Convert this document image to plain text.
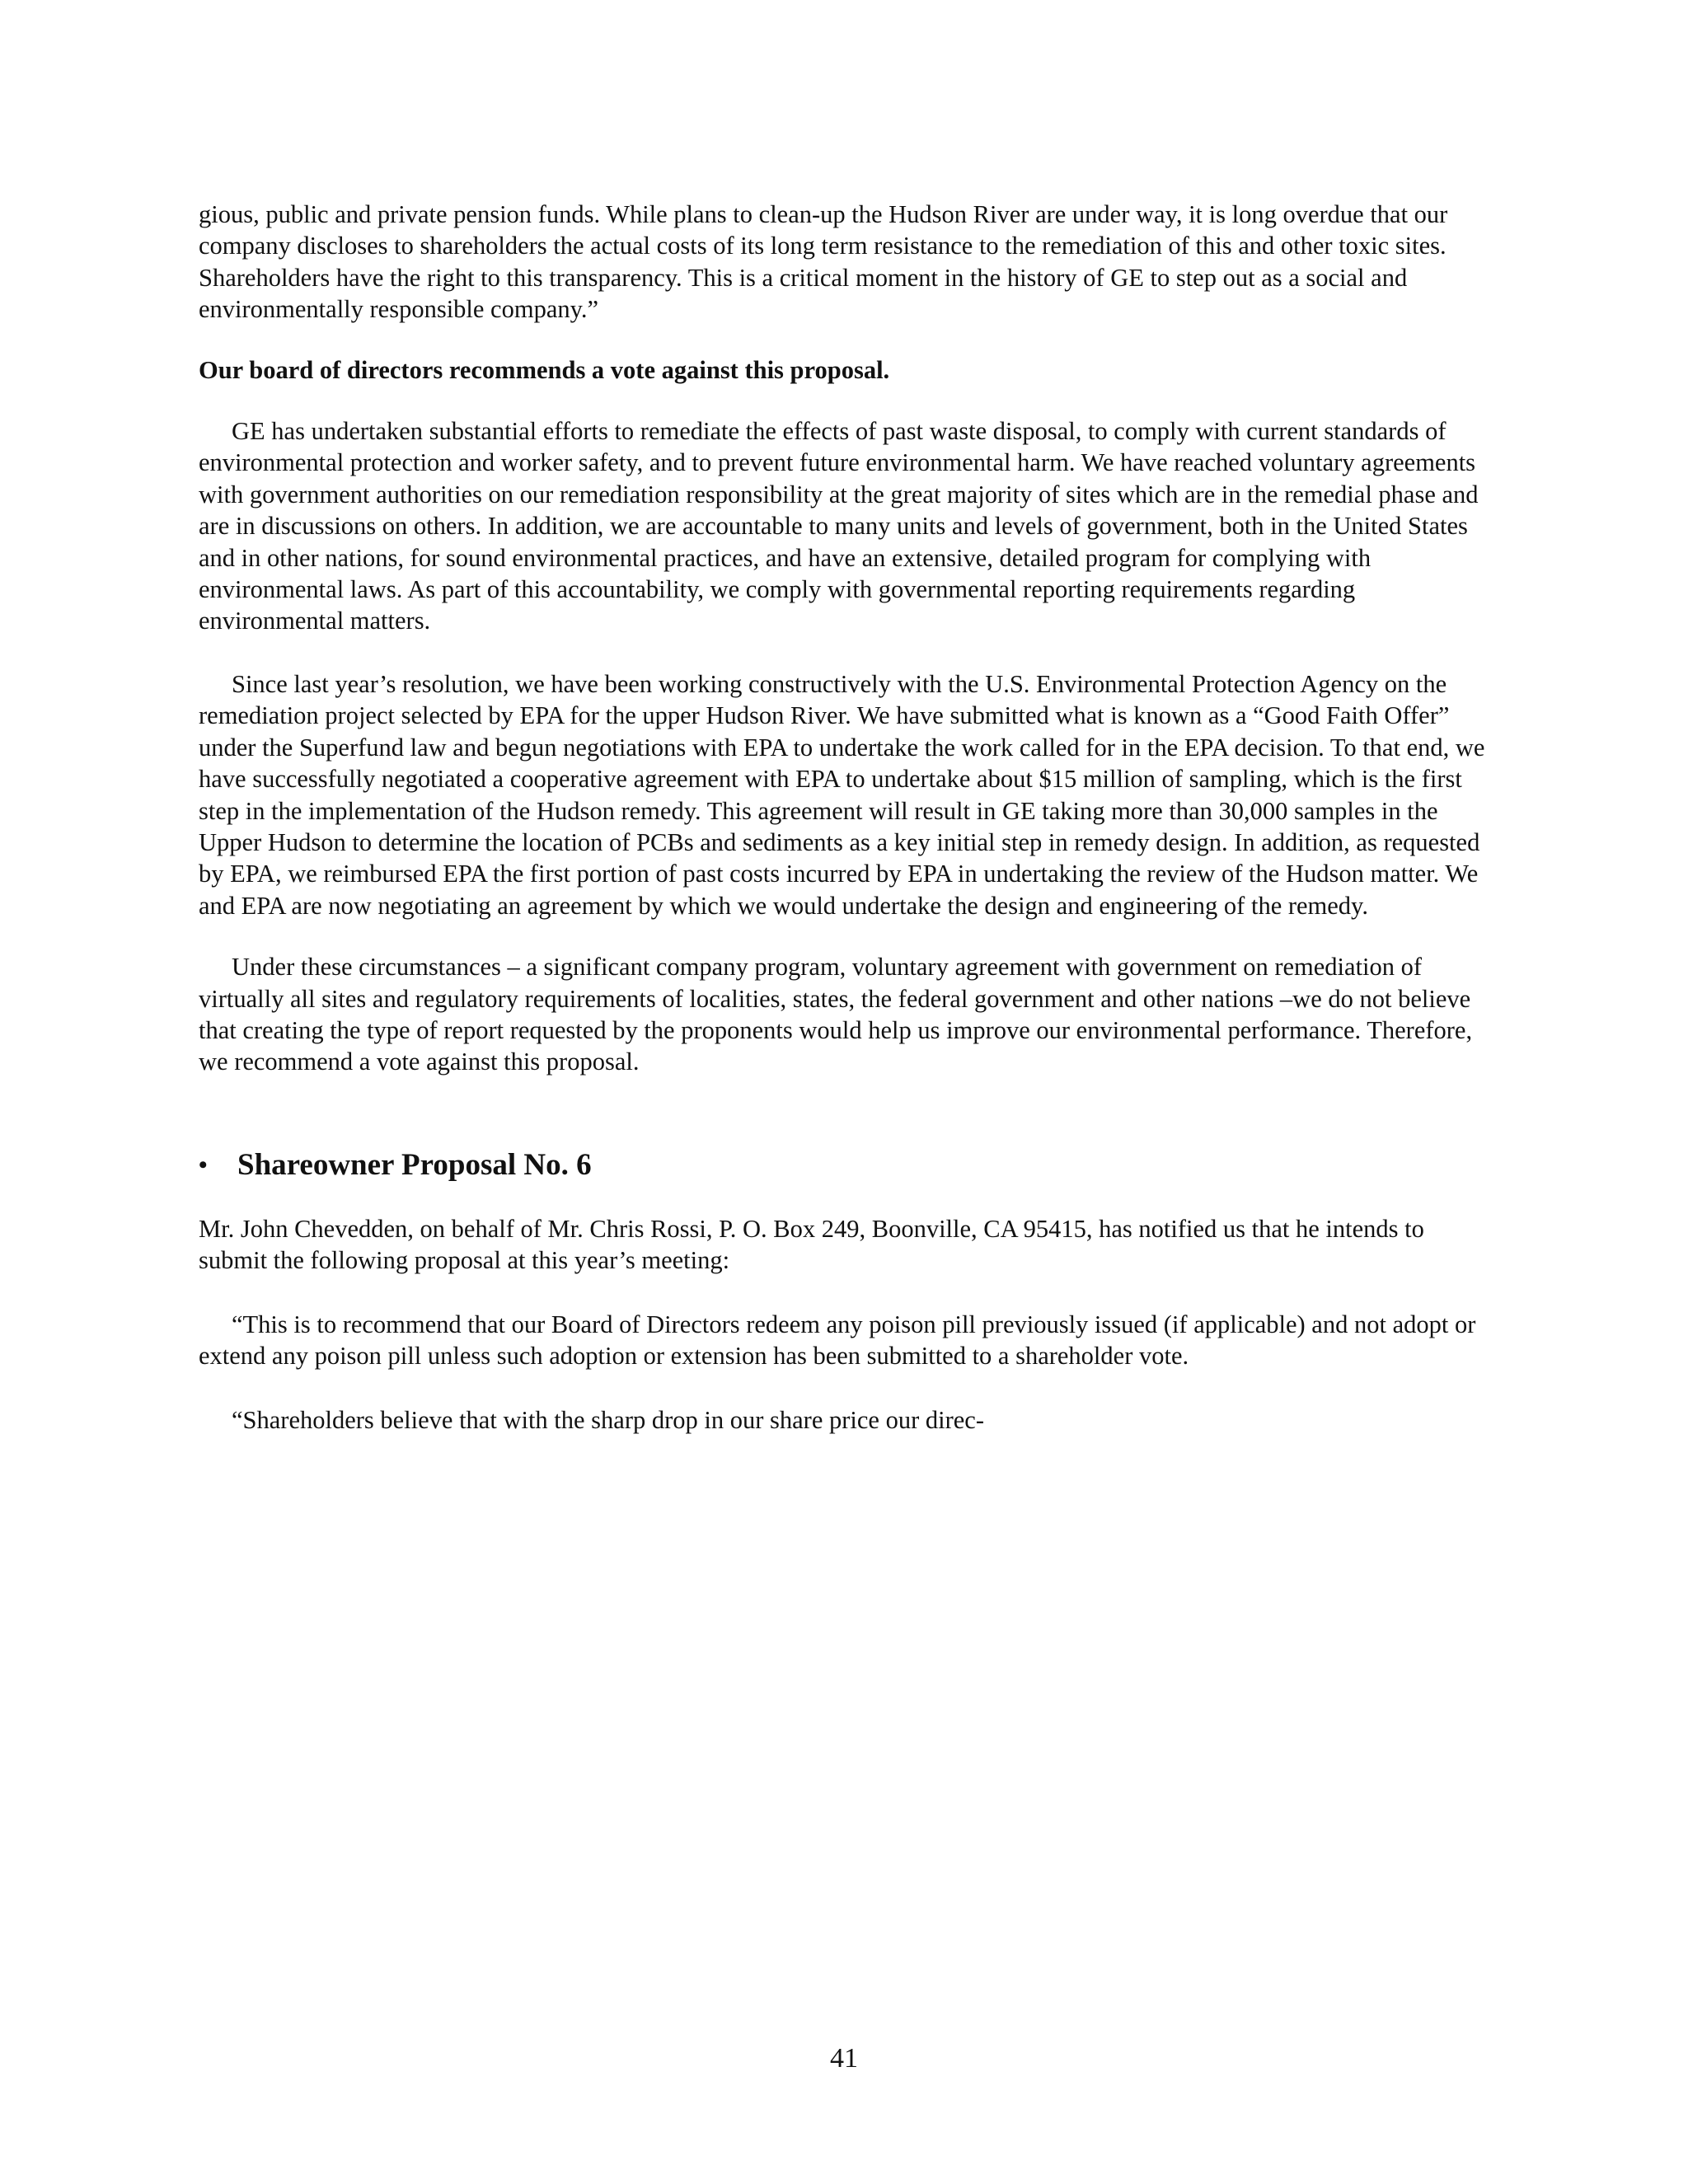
gious, public and private pension funds. While plans to clean-up the Hudson River are under way, it is long overdue that our company discloses to shareholders the actual costs of its long term resistance to the remediation of this and other toxic sites. Shareholders have the right to this transparency. This is a critical moment in the history of GE to step out as a social and environmentally responsible company.”

Our board of directors recommends a vote against this proposal.

GE has undertaken substantial efforts to remediate the effects of past waste disposal, to comply with current standards of environmental protection and worker safety, and to prevent future environmental harm. We have reached voluntary agreements with government authorities on our remediation responsibility at the great majority of sites which are in the remedial phase and are in discussions on others. In addition, we are accountable to many units and levels of government, both in the United States and in other nations, for sound environmental practices, and have an extensive, detailed program for complying with environmental laws. As part of this accountability, we comply with governmental reporting requirements regarding environmental matters.

Since last year’s resolution, we have been working constructively with the U.S. Environmental Protection Agency on the remediation project selected by EPA for the upper Hudson River. We have submitted what is known as a “Good Faith Offer” under the Superfund law and begun negotiations with EPA to undertake the work called for in the EPA decision. To that end, we have successfully negotiated a cooperative agreement with EPA to undertake about $15 million of sampling, which is the first step in the implementation of the Hudson remedy. This agreement will result in GE taking more than 30,000 samples in the Upper Hudson to determine the location of PCBs and sediments as a key initial step in remedy design. In addition, as requested by EPA, we reimbursed EPA the first portion of past costs incurred by EPA in undertaking the review of the Hudson matter. We and EPA are now negotiating an agreement by which we would undertake the design and engineering of the remedy.

Under these circumstances – a significant company program, voluntary agreement with government on remediation of virtually all sites and regulatory requirements of localities, states, the federal government and other nations –we do not believe that creating the type of report requested by the proponents would help us improve our environmental performance. Therefore, we recommend a vote against this proposal.

• Shareowner Proposal No. 6

Mr. John Chevedden, on behalf of Mr. Chris Rossi, P. O. Box 249, Boonville, CA 95415, has notified us that he intends to submit the following proposal at this year’s meeting:

“This is to recommend that our Board of Directors redeem any poison pill previously issued (if applicable) and not adopt or extend any poison pill unless such adoption or extension has been submitted to a shareholder vote.

“Shareholders believe that with the sharp drop in our share price our direc-

41
